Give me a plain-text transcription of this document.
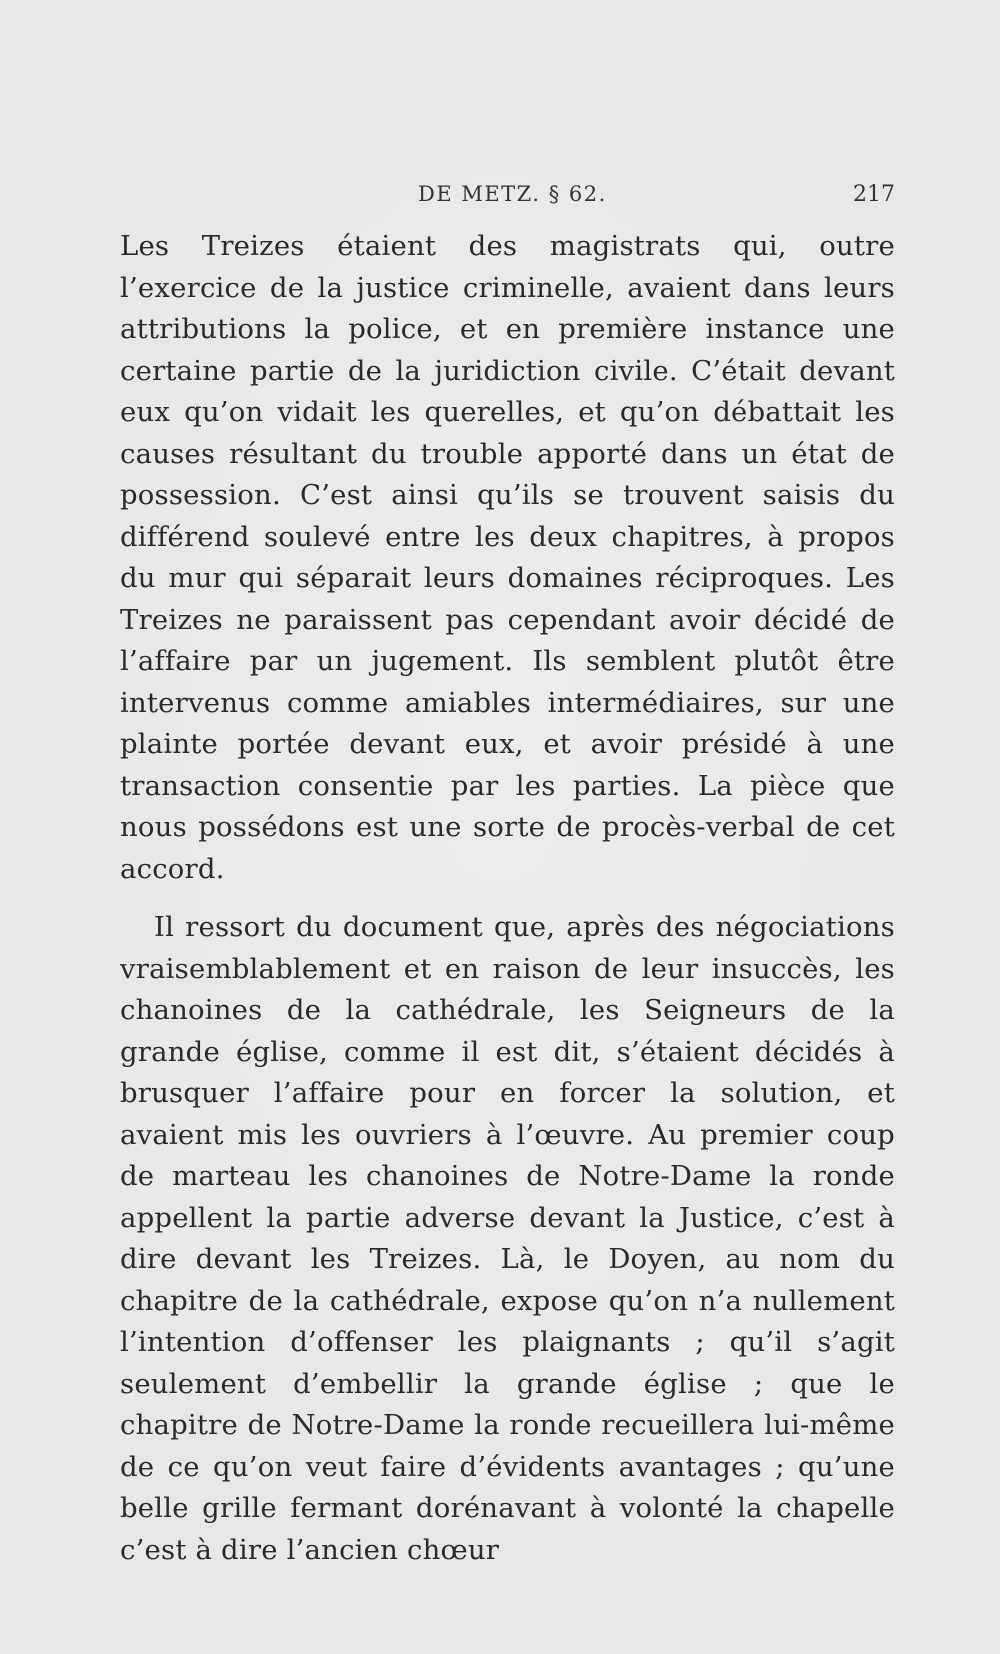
DE METZ. § 62.	217

Les Treizes étaient des magistrats qui, outre l’exercice de la justice criminelle, avaient dans leurs attributions la police, et en première instance une certaine partie de la juridiction civile. C’était devant eux qu’on vidait les querelles, et qu’on débattait les causes résultant du trouble apporté dans un état de possession. C’est ainsi qu’ils se trouvent saisis du différend soulevé entre les deux chapitres, à propos du mur qui séparait leurs domaines réciproques. Les Treizes ne paraissent pas cependant avoir décidé de l’affaire par un jugement. Ils semblent plutôt être intervenus comme amiables intermédiaires, sur une plainte portée devant eux, et avoir présidé à une transaction consentie par les parties. La pièce que nous possédons est une sorte de procès-verbal de cet accord.

Il ressort du document que, après des négociations vraisemblablement et en raison de leur insuccès, les chanoines de la cathédrale, les Seigneurs de la grande église, comme il est dit, s’étaient décidés à brusquer l’affaire pour en forcer la solution, et avaient mis les ouvriers à l’œuvre. Au premier coup de marteau les chanoines de Notre-Dame la ronde appellent la partie adverse devant la Justice, c’est à dire devant les Treizes. Là, le Doyen, au nom du chapitre de la cathédrale, expose qu’on n’a nullement l’intention d’offenser les plaignants ; qu’il s’agit seulement d’embellir la grande église ; que le chapitre de Notre-Dame la ronde recueillera lui-même de ce qu’on veut faire d’évidents avantages ; qu’une belle grille fermant dorénavant à volonté la chapelle c’est à dire l’ancien chœur
